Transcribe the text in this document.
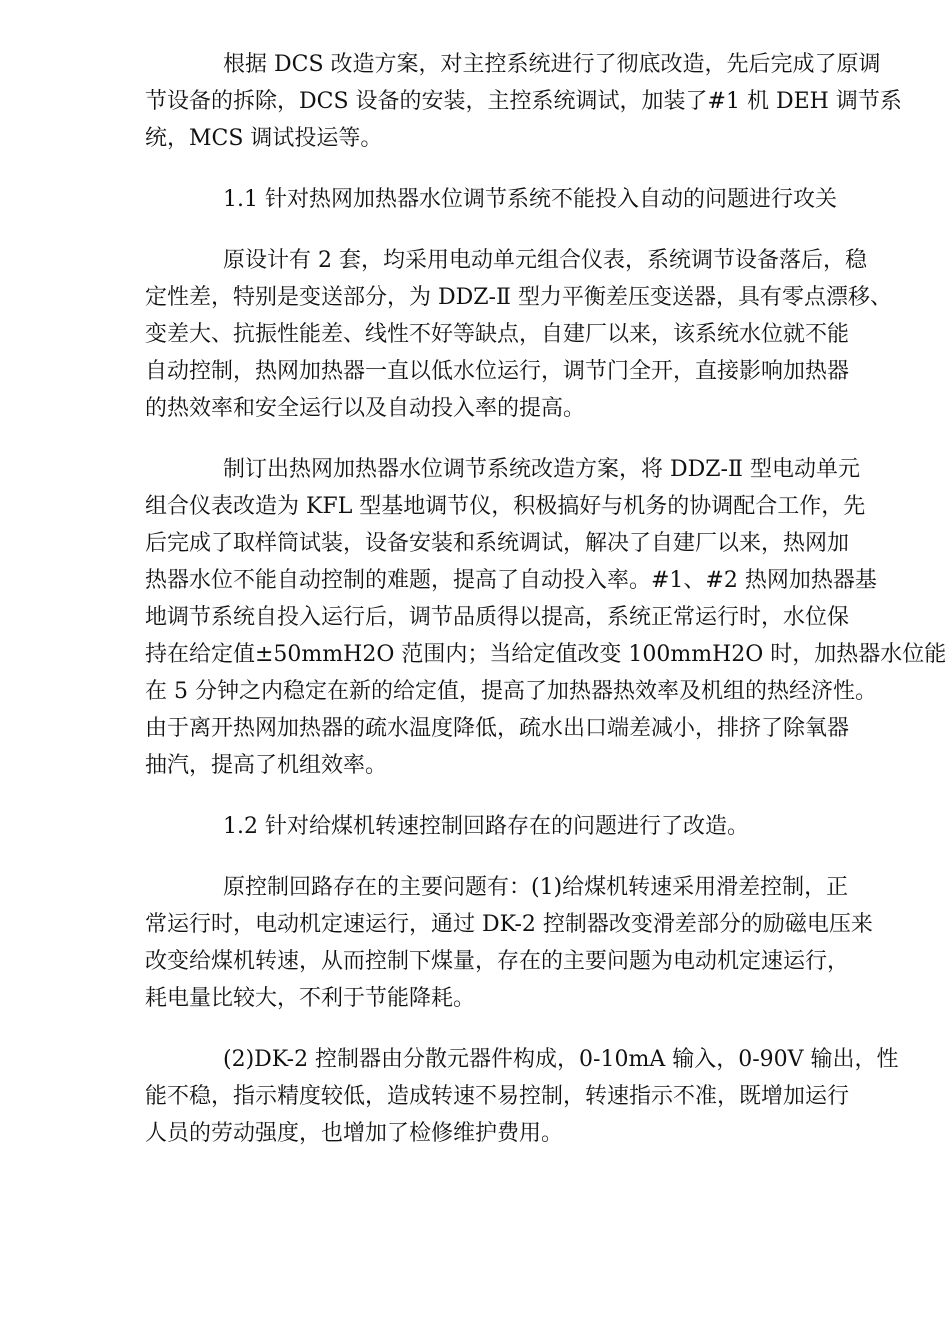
根据 DCS 改造方案，对主控系统进行了彻底改造，先后完成了原调
节设备的拆除，DCS 设备的安装，主控系统调试，加装了#1 机 DEH 调节系
统，MCS 调试投运等。

1.1 针对热网加热器水位调节系统不能投入自动的问题进行攻关

原设计有 2 套，均采用电动单元组合仪表，系统调节设备落后，稳
定性差，特别是变送部分，为 DDZ-Ⅱ 型力平衡差压变送器，具有零点漂移、
变差大、抗振性能差、线性不好等缺点，自建厂以来，该系统水位就不能
自动控制，热网加热器一直以低水位运行，调节门全开，直接影响加热器
的热效率和安全运行以及自动投入率的提高。

制订出热网加热器水位调节系统改造方案，将 DDZ-Ⅱ 型电动单元
组合仪表改造为 KFL 型基地调节仪，积极搞好与机务的协调配合工作，先
后完成了取样筒试装，设备安装和系统调试，解决了自建厂以来，热网加
热器水位不能自动控制的难题，提高了自动投入率。#1、#2 热网加热器基
地调节系统自投入运行后，调节品质得以提高，系统正常运行时，水位保
持在给定值±50mmH2O 范围内；当给定值改变 100mmH2O 时，加热器水位能
在 5 分钟之内稳定在新的给定值，提高了加热器热效率及机组的热经济性。
由于离开热网加热器的疏水温度降低，疏水出口端差减小，排挤了除氧器
抽汽，提高了机组效率。

1.2 针对给煤机转速控制回路存在的问题进行了改造。

原控制回路存在的主要问题有：(1)给煤机转速采用滑差控制，正
常运行时，电动机定速运行，通过 DK-2 控制器改变滑差部分的励磁电压来
改变给煤机转速，从而控制下煤量，存在的主要问题为电动机定速运行，
耗电量比较大，不利于节能降耗。

(2)DK-2 控制器由分散元器件构成，0-10mA 输入，0-90V 输出，性
能不稳，指示精度较低，造成转速不易控制，转速指示不准，既增加运行
人员的劳动强度，也增加了检修维护费用。
